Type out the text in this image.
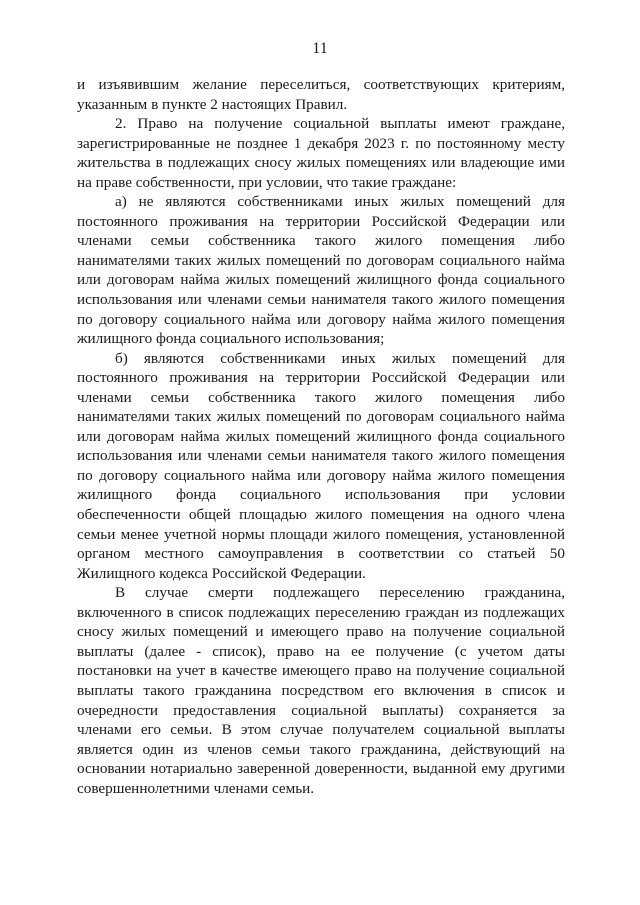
11

и изъявившим желание переселиться, соответствующих критериям, указанным в пункте 2 настоящих Правил.

2. Право на получение социальной выплаты имеют граждане, зарегистрированные не позднее 1 декабря 2023 г. по постоянному месту жительства в подлежащих сносу жилых помещениях или владеющие ими на праве собственности, при условии, что такие граждане:

а) не являются собственниками иных жилых помещений для постоянного проживания на территории Российской Федерации или членами семьи собственника такого жилого помещения либо нанимателями таких жилых помещений по договорам социального найма или договорам найма жилых помещений жилищного фонда социального использования или членами семьи нанимателя такого жилого помещения по договору социального найма или договору найма жилого помещения жилищного фонда социального использования;

б) являются собственниками иных жилых помещений для постоянного проживания на территории Российской Федерации или членами семьи собственника такого жилого помещения либо нанимателями таких жилых помещений по договорам социального найма или договорам найма жилых помещений жилищного фонда социального использования или членами семьи нанимателя такого жилого помещения по договору социального найма или договору найма жилого помещения жилищного фонда социального использования при условии обеспеченности общей площадью жилого помещения на одного члена семьи менее учетной нормы площади жилого помещения, установленной органом местного самоуправления в соответствии со статьей 50 Жилищного кодекса Российской Федерации.

В случае смерти подлежащего переселению гражданина, включенного в список подлежащих переселению граждан из подлежащих сносу жилых помещений и имеющего право на получение социальной выплаты (далее - список), право на ее получение (с учетом даты постановки на учет в качестве имеющего право на получение социальной выплаты такого гражданина посредством его включения в список и очередности предоставления социальной выплаты) сохраняется за членами его семьи. В этом случае получателем социальной выплаты является один из членов семьи такого гражданина, действующий на основании нотариально заверенной доверенности, выданной ему другими совершеннолетними членами семьи.
